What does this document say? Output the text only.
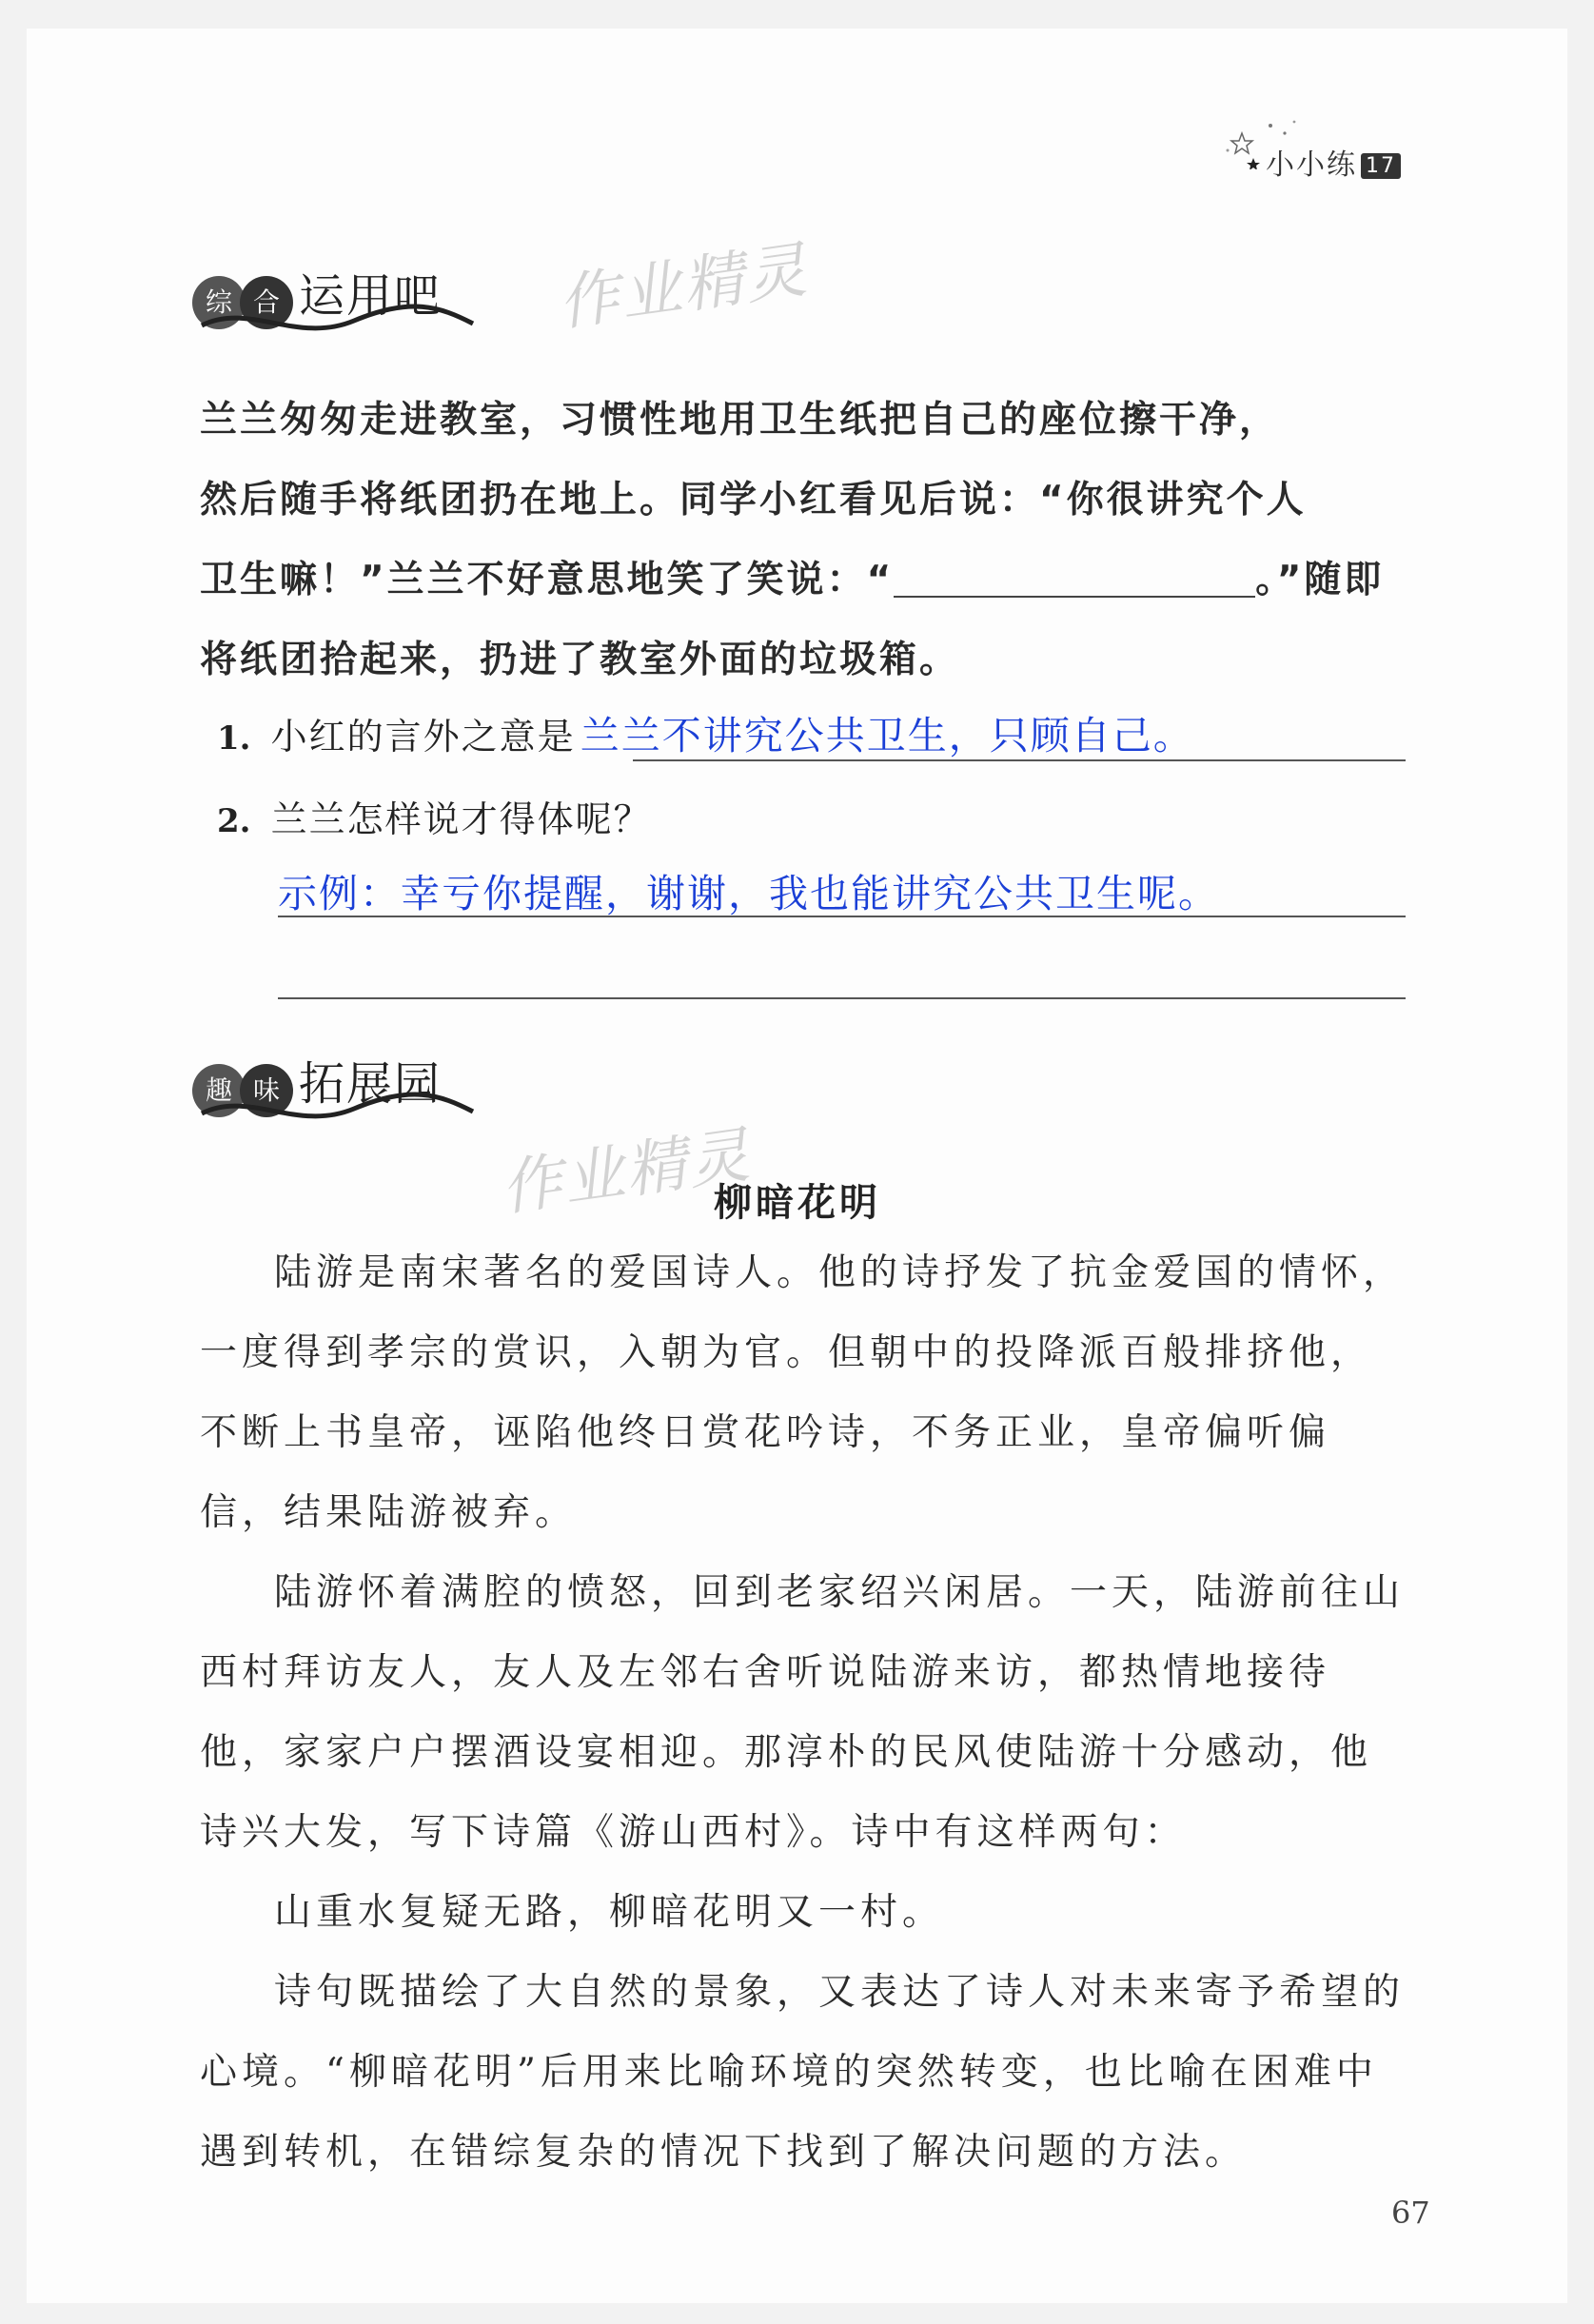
小小练 17
综 合 运用吧 作业精灵
兰兰匆匆走进教室，习惯性地用卫生纸把自己的座位擦干净，
然后随手将纸团扔在地上。同学小红看见后说：“你很讲究个人
卫生嘛！”兰兰不好意思地笑了笑说：“	。”随即
将纸团拾起来，扔进了教室外面的垃圾箱。
1. 小红的言外之意是 兰兰不讲究公共卫生，只顾自己。
2. 兰兰怎样说才得体呢？
示例：幸亏你提醒，谢谢，我也能讲究公共卫生呢。
趣 味 拓展园
作业精灵
柳暗花明

陆游是南宋著名的爱国诗人。他的诗抒发了抗金爱国的情怀，一度得到孝宗的赏识，入朝为官。但朝中的投降派百般排挤他，不断上书皇帝，诬陷他终日赏花吟诗，不务正业，皇帝偏听偏信，结果陆游被弃。

陆游怀着满腔的愤怒，回到老家绍兴闲居。一天，陆游前往山西村拜访友人，友人及左邻右舍听说陆游来访，都热情地接待他，家家户户摆酒设宴相迎。那淳朴的民风使陆游十分感动，他诗兴大发，写下诗篇《游山西村》。诗中有这样两句：

山重水复疑无路，柳暗花明又一村。

诗句既描绘了大自然的景象，又表达了诗人对未来寄予希望的心境。“柳暗花明”后用来比喻环境的突然转变，也比喻在困难中遇到转机，在错综复杂的情况下找到了解决问题的方法。

67
